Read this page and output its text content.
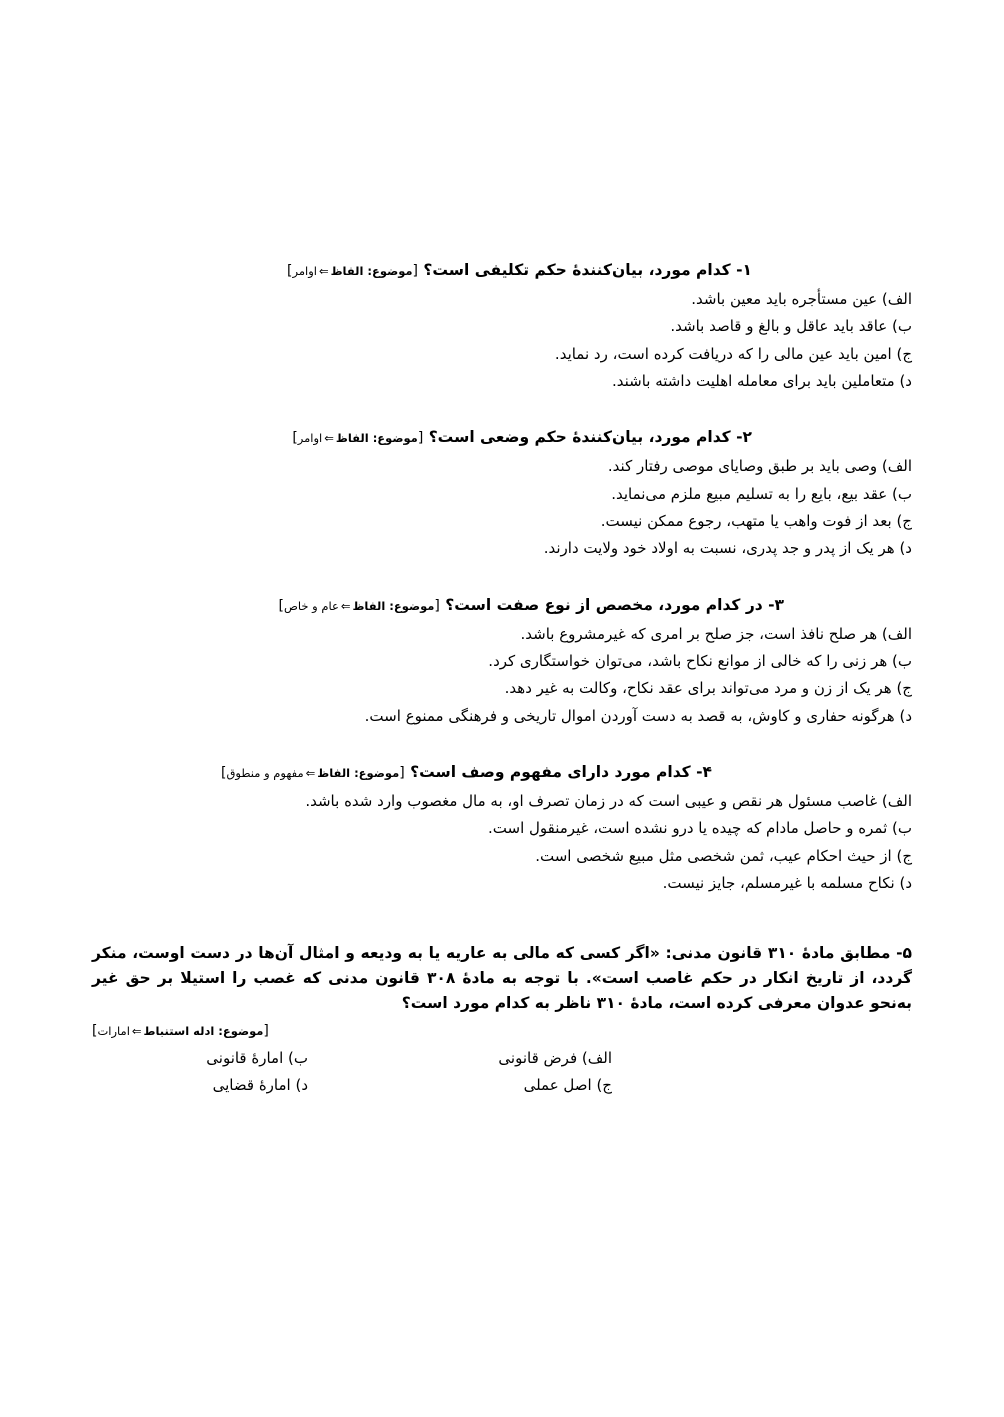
۱- کدام مورد، بیان‌کنندهٔ حکم تکلیفی است؟ [موضوع: الفاظ⇐اوامر]

الف) عین مستأجره باید معین باشد.
ب) عاقد باید عاقل و بالغ و قاصد باشد.
ج) امین باید عین مالی را که دریافت کرده است، رد نماید.
د) متعاملین باید برای معامله اهلیت داشته باشند.

۲- کدام مورد، بیان‌کنندهٔ حکم وضعی است؟ [موضوع: الفاظ⇐اوامر]

الف) وصی باید بر طبق وصایای موصی رفتار کند.
ب) عقد بیع، بایع را به تسلیم مبیع ملزم می‌نماید.
ج) بعد از فوت واهب یا متهب، رجوع ممکن نیست.
د) هر یک از پدر و جد پدری، نسبت به اولاد خود ولایت دارند.

۳- در کدام مورد، مخصص از نوع صفت است؟ [موضوع: الفاظ⇐عام و خاص]

الف) هر صلح نافذ است، جز صلح بر امری که غیرمشروع باشد.
ب) هر زنی را که خالی از موانع نکاح باشد، می‌توان خواستگاری کرد.
ج) هر یک از زن و مرد می‌تواند برای عقد نکاح، وکالت به غیر دهد.
د) هرگونه حفاری و کاوش، به قصد به دست آوردن اموال تاریخی و فرهنگی ممنوع است.

۴- کدام مورد دارای مفهوم وصف است؟ [موضوع: الفاظ⇐مفهوم و منطوق]

الف) غاصب مسئول هر نقص و عیبی است که در زمان تصرف او، به مال مغصوب وارد شده باشد.
ب) ثمره و حاصل مادام که چیده یا درو نشده است، غیرمنقول است.
ج) از حیث احکام عیب، ثمن شخصی مثل مبیع شخصی است.
د) نکاح مسلمه با غیرمسلم، جایز نیست.

۵- مطابق مادهٔ ۳۱۰ قانون مدنی: «اگر کسی که مالی به عاریه یا به ودیعه و امثال آن‌ها در دست اوست، منکر گردد، از تاریخ انکار در حکم غاصب است». با توجه به مادهٔ ۳۰۸ قانون مدنی که غصب را استیلا بر حق غیر به‌نحو عدوان معرفی کرده است، مادهٔ ۳۱۰ ناظر به کدام مورد است؟

[موضوع: ادله استنباط⇐امارات]
الف) فرض قانونی
ب) امارهٔ قانونی
ج) اصل عملی
د) امارهٔ قضایی
